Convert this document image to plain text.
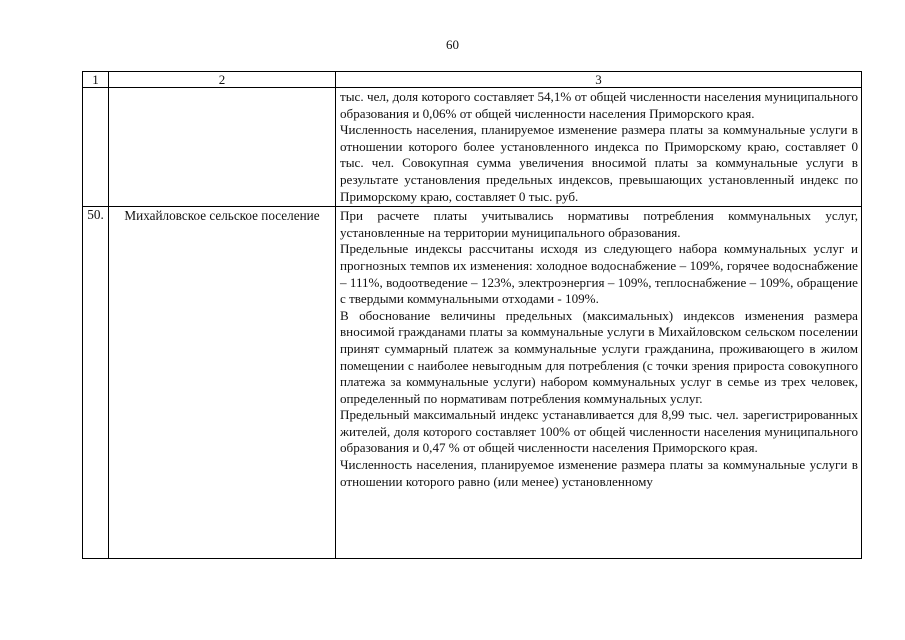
60
1	2	3

		тыс. чел, доля которого составляет 54,1% от общей численности населения муниципального образования и 0,06% от общей численности населения Приморского края.

Численность населения, планируемое изменение размера платы за коммунальные услуги в отношении которого более установленного индекса по Приморскому краю, составляет 0 тыс. чел. Совокупная сумма увеличения вносимой платы за коммунальные услуги в результате установления предельных индексов, превышающих установленный индекс по Приморскому краю, составляет 0 тыс. руб.

50.	Михайловское сельское поселение	При расчете платы учитывались нормативы потребления коммунальных услуг, установленные на территории муниципального образования.

Предельные индексы рассчитаны исходя из следующего набора коммунальных услуг и прогнозных темпов их изменения: холодное водоснабжение – 109%, горячее водоснабжение – 111%, водоотведение – 123%, электроэнергия – 109%, теплоснабжение – 109%, обращение с твердыми коммунальными отходами - 109%.

В обоснование величины предельных (максимальных) индексов изменения размера вносимой гражданами платы за коммунальные услуги в Михайловском сельском поселении принят суммарный платеж за коммунальные услуги гражданина, проживающего в жилом помещении с наиболее невыгодным для потребления (с точки зрения прироста совокупного платежа за коммунальные услуги) набором коммунальных услуг в семье из трех человек, определенный по нормативам потребления коммунальных услуг.

Предельный максимальный индекс устанавливается для 8,99 тыс. чел. зарегистрированных жителей, доля которого составляет 100% от общей численности населения муниципального образования и 0,47 % от общей численности населения Приморского края.

Численность населения, планируемое изменение размера платы за коммунальные услуги в отношении которого равно (или менее) установленному
